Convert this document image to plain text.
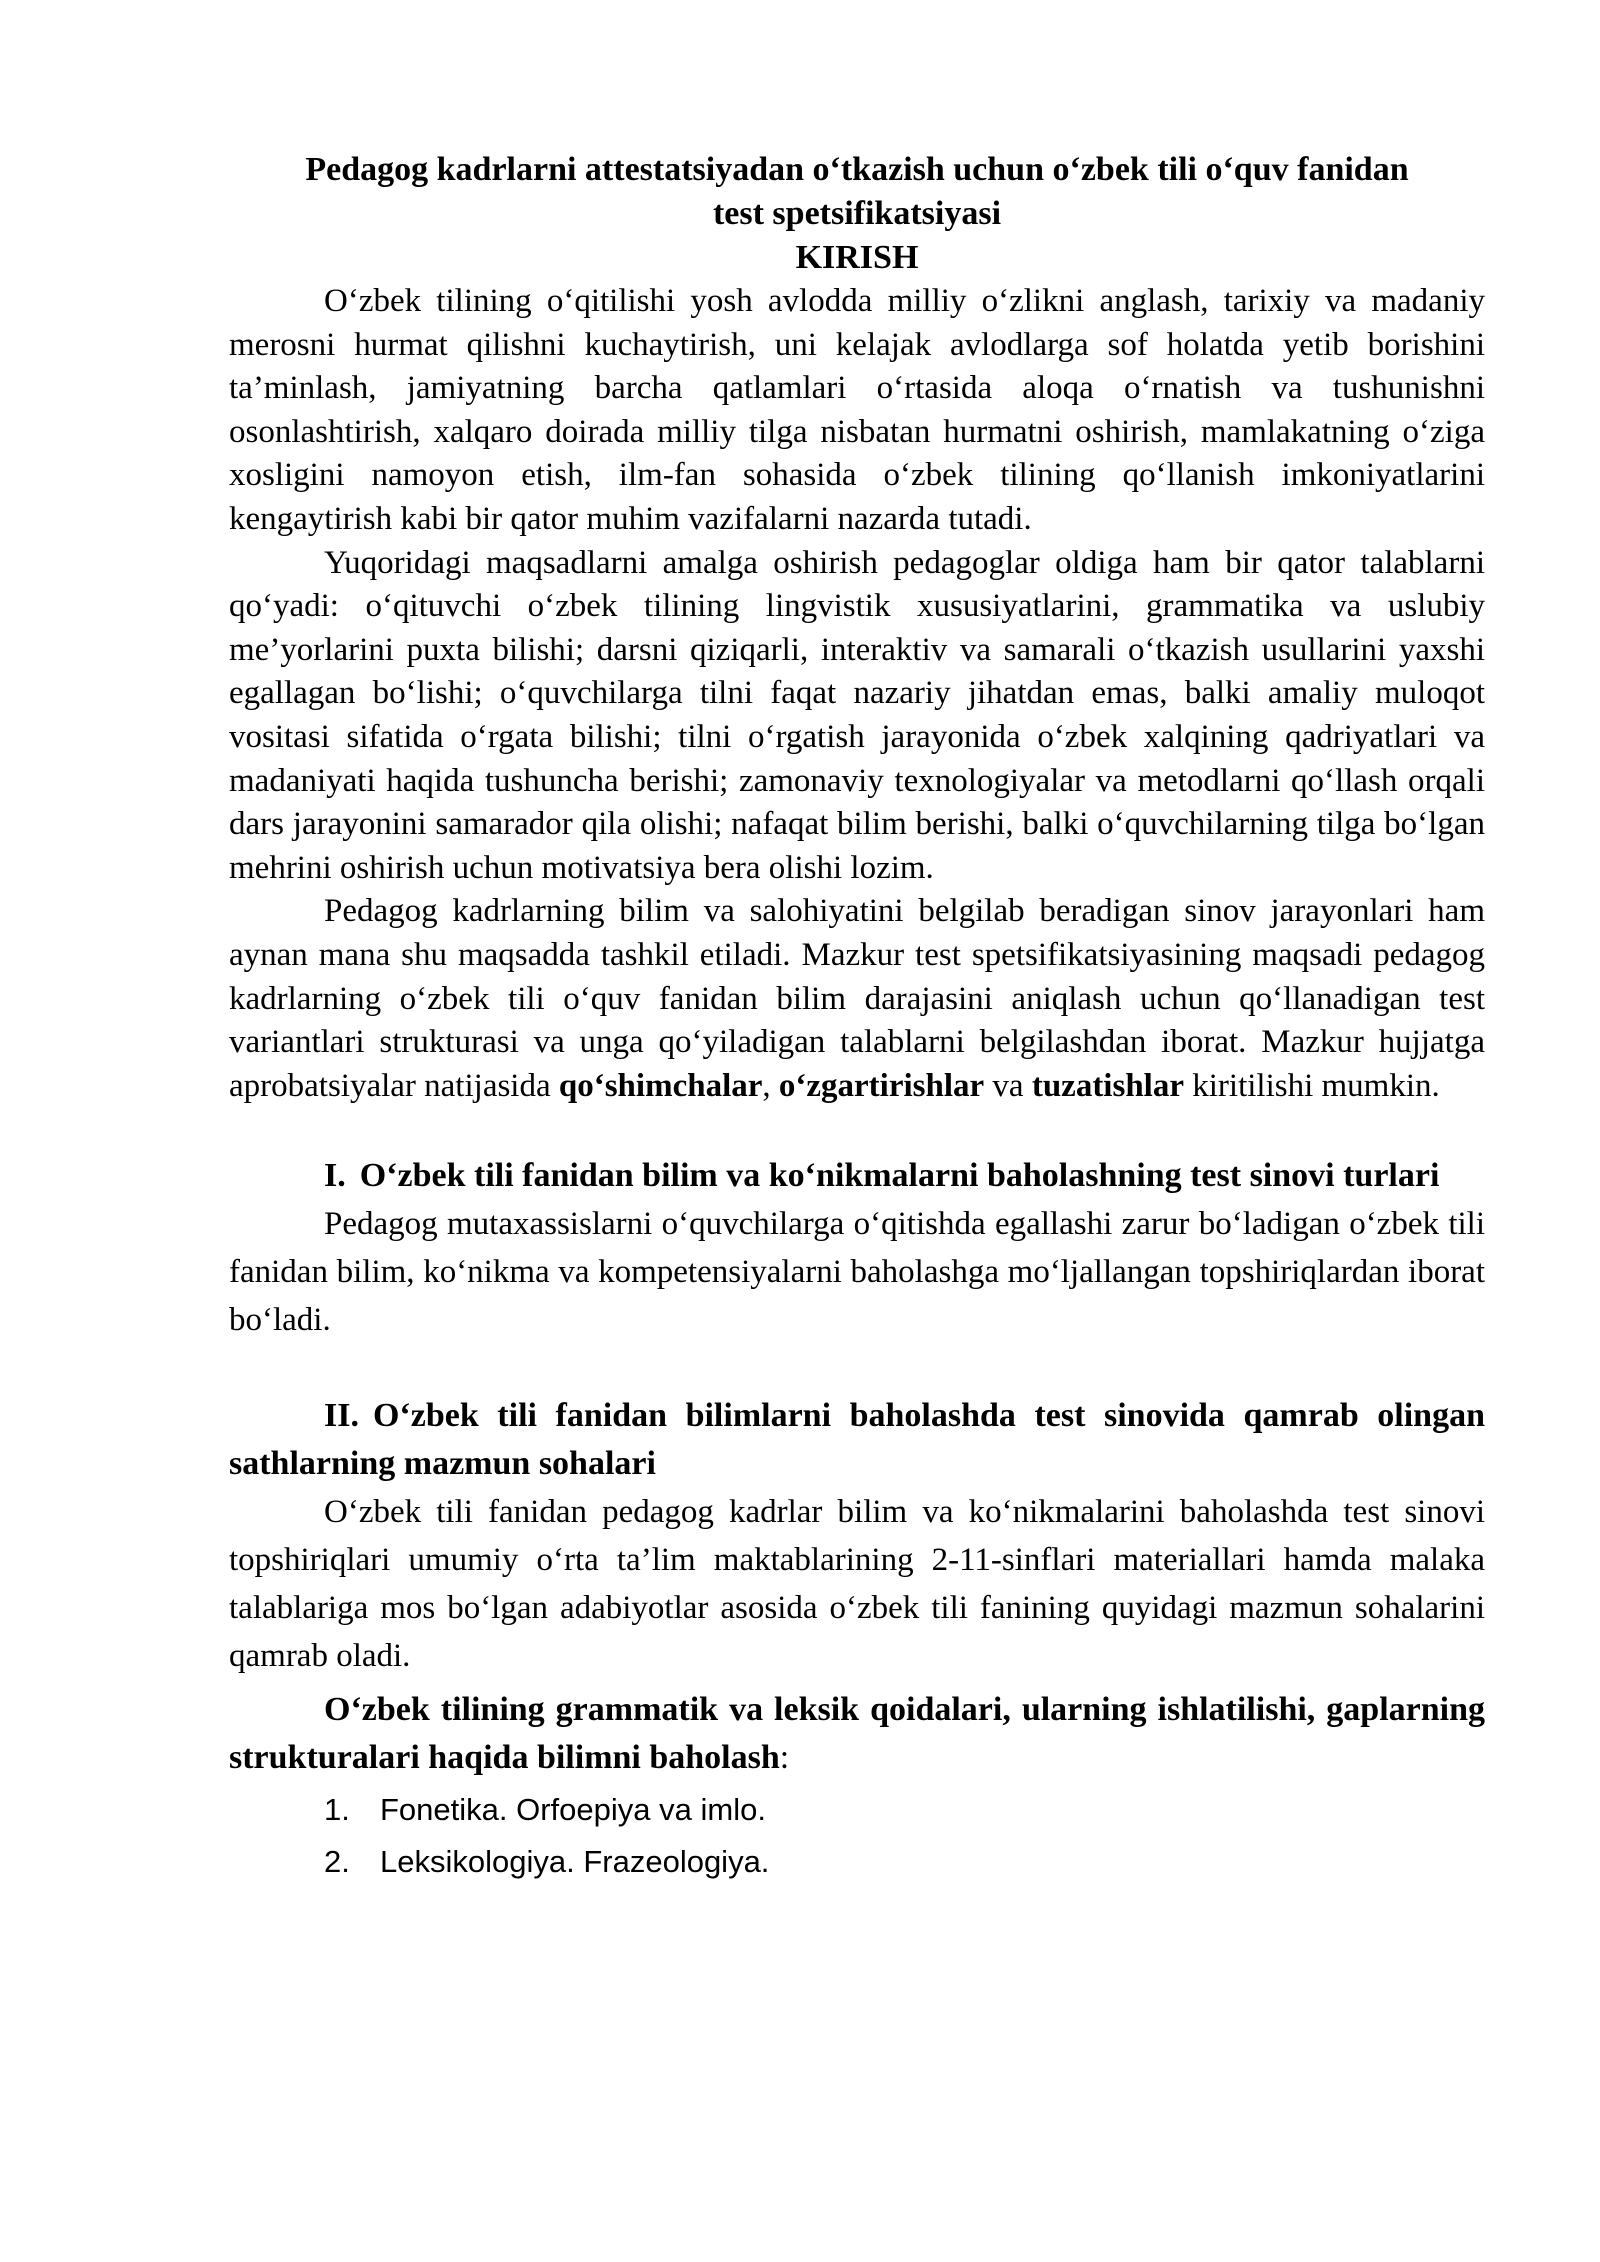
Pedagog kadrlarni attestatsiyadan o‘tkazish uchun o‘zbek tili o‘quv fanidan
test spetsifikatsiyasi

KIRISH

O‘zbek tilining o‘qitilishi yosh avlodda milliy o‘zlikni anglash, tarixiy va madaniy merosni hurmat qilishni kuchaytirish, uni kelajak avlodlarga sof holatda yetib borishini ta’minlash, jamiyatning barcha qatlamlari o‘rtasida aloqa o‘rnatish va tushunishni osonlashtirish, xalqaro doirada milliy tilga nisbatan hurmatni oshirish, mamlakatning o‘ziga xosligini namoyon etish, ilm-fan sohasida o‘zbek tilining qo‘llanish imkoniyatlarini kengaytirish kabi bir qator muhim vazifalarni nazarda tutadi.

Yuqoridagi maqsadlarni amalga oshirish pedagoglar oldiga ham bir qator talablarni qo‘yadi: o‘qituvchi o‘zbek tilining lingvistik xususiyatlarini, grammatika va uslubiy me’yorlarini puxta bilishi; darsni qiziqarli, interaktiv va samarali o‘tkazish usullarini yaxshi egallagan bo‘lishi; o‘quvchilarga tilni faqat nazariy jihatdan emas, balki amaliy muloqot vositasi sifatida o‘rgata bilishi; tilni o‘rgatish jarayonida o‘zbek xalqining qadriyatlari va madaniyati haqida tushuncha berishi; zamonaviy texnologiyalar va metodlarni qo‘llash orqali dars jarayonini samarador qila olishi; nafaqat bilim berishi, balki o‘quvchilarning tilga bo‘lgan mehrini oshirish uchun motivatsiya bera olishi lozim.

Pedagog kadrlarning bilim va salohiyatini belgilab beradigan sinov jarayonlari ham aynan mana shu maqsadda tashkil etiladi. Mazkur test spetsifikatsiyasining maqsadi pedagog kadrlarning o‘zbek tili o‘quv fanidan bilim darajasini aniqlash uchun qo‘llanadigan test variantlari strukturasi va unga qo‘yiladigan talablarni belgilashdan iborat. Mazkur hujjatga aprobatsiyalar natijasida qo‘shimchalar, o‘zgartirishlar va tuzatishlar kiritilishi mumkin.

I. O‘zbek tili fanidan bilim va ko‘nikmalarni baholashning test sinovi turlari

Pedagog mutaxassislarni o‘quvchilarga o‘qitishda egallashi zarur bo‘ladigan o‘zbek tili fanidan bilim, ko‘nikma va kompetensiyalarni baholashga mo‘ljallangan topshiriqlardan iborat bo‘ladi.

II. O‘zbek tili fanidan bilimlarni baholashda test sinovida qamrab olingan sathlarning mazmun sohalari

O‘zbek tili fanidan pedagog kadrlar bilim va ko‘nikmalarini baholashda test sinovi topshiriqlari umumiy o‘rta ta’lim maktablarining 2-11-sinflari materiallari hamda malaka talablariga mos bo‘lgan adabiyotlar asosida o‘zbek tili fanining quyidagi mazmun sohalarini qamrab oladi.

O‘zbek tilining grammatik va leksik qoidalari, ularning ishlatilishi, gaplarning strukturalari haqida bilimni baholash:

1. Fonetika. Orfoepiya va imlo.
2. Leksikologiya. Frazeologiya.
